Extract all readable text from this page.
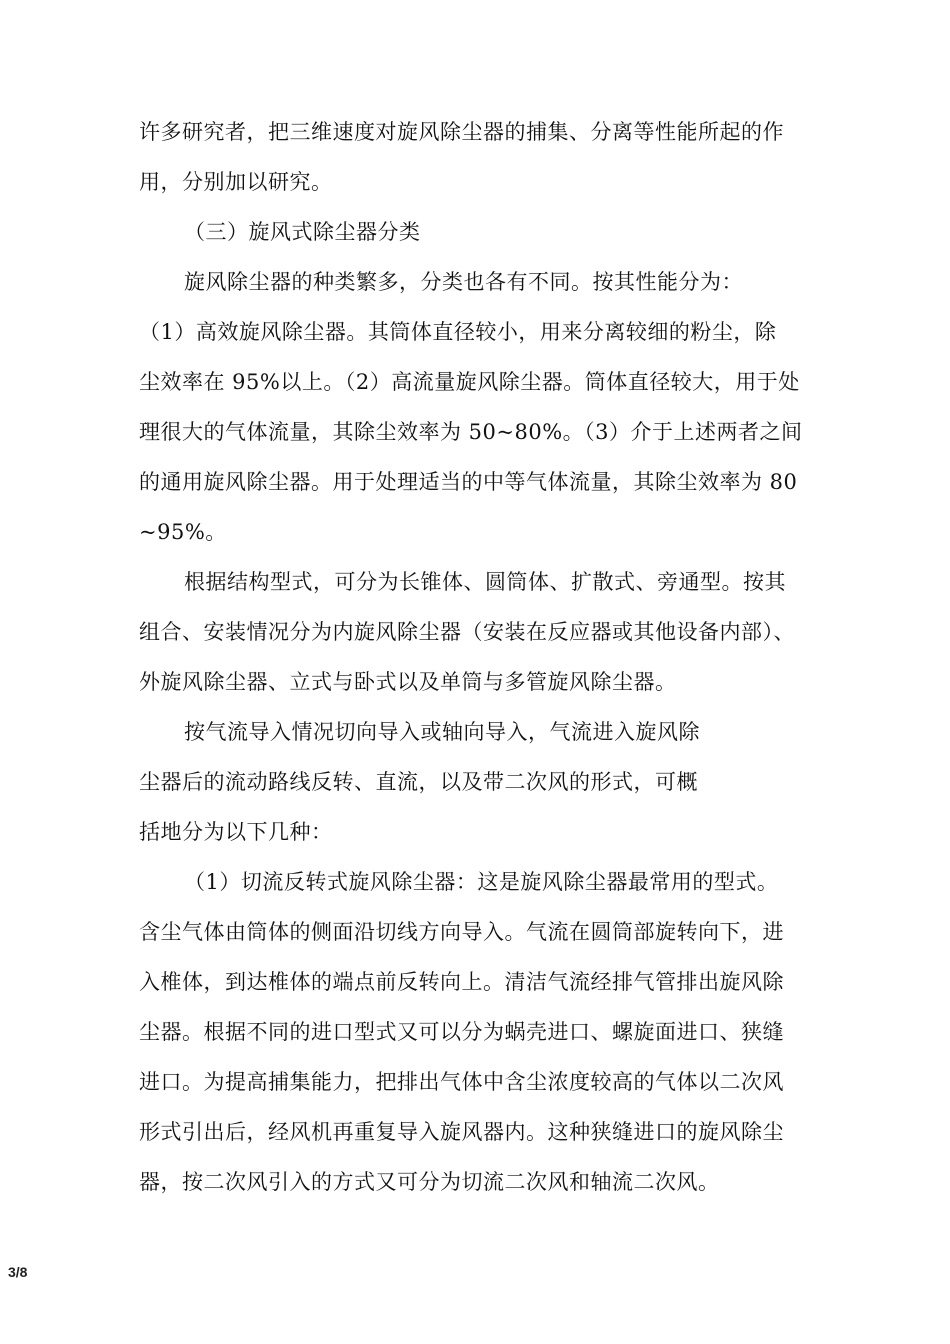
许多研究者，把三维速度对旋风除尘器的捕集、分离等性能所起的作
用，分别加以研究。
（三）旋风式除尘器分类
旋风除尘器的种类繁多，分类也各有不同。按其性能分为：
（1）高效旋风除尘器。其筒体直径较小，用来分离较细的粉尘，除
尘效率在 95%以上。（2）高流量旋风除尘器。筒体直径较大，用于处
理很大的气体流量，其除尘效率为 50~80%。（3）介于上述两者之间
的通用旋风除尘器。用于处理适当的中等气体流量，其除尘效率为 80
~95%。
根据结构型式，可分为长锥体、圆筒体、扩散式、旁通型。按其
组合、安装情况分为内旋风除尘器（安装在反应器或其他设备内部）、
外旋风除尘器、立式与卧式以及单筒与多管旋风除尘器。
按气流导入情况切向导入或轴向导入，气流进入旋风除
尘器后的流动路线反转、直流，以及带二次风的形式，可概
括地分为以下几种：
（1）切流反转式旋风除尘器：这是旋风除尘器最常用的型式。
含尘气体由筒体的侧面沿切线方向导入。气流在圆筒部旋转向下，进
入椎体，到达椎体的端点前反转向上。清洁气流经排气管排出旋风除
尘器。根据不同的进口型式又可以分为蜗壳进口、螺旋面进口、狭缝
进口。为提高捕集能力，把排出气体中含尘浓度较高的气体以二次风
形式引出后，经风机再重复导入旋风器内。这种狭缝进口的旋风除尘
器，按二次风引入的方式又可分为切流二次风和轴流二次风。
3/8
